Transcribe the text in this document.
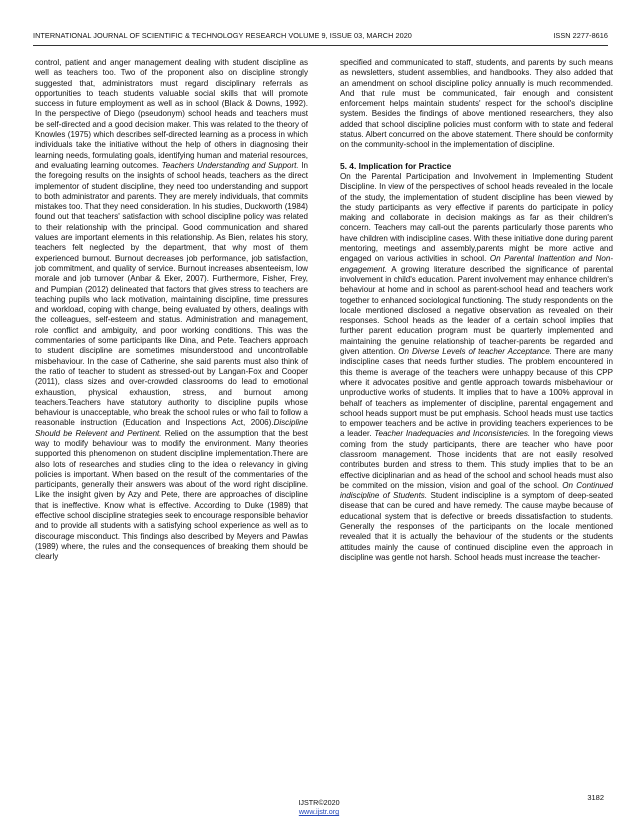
INTERNATIONAL JOURNAL OF SCIENTIFIC & TECHNOLOGY RESEARCH VOLUME 9, ISSUE 03, MARCH 2020	ISSN 2277-8616

control, patient and anger management dealing with student discipline as well as teachers too. Two of the proponent also on discipline strongly suggested that, administrators must regard disciplinary referrals as opportunities to teach students valuable social skills that will promote success in future employment as well as in school (Black & Downs, 1992). In the perspective of Diego (pseudonym) school heads and teachers must be self-directed and a good decision maker. This was related to the theory of Knowles (1975) which describes self-directed learning as a process in which individuals take the initiative without the help of others in diagnosing their learning needs, formulating goals, identifying human and material resources, and evaluating learning outcomes. Teachers Understanding and Support. In the foregoing results on the insights of school heads, teachers as the direct implementor of student discipline, they need too understanding and support to both administrator and parents. They are merely individuals, that commits mistakes too. That they need consideration. In his studies, Duckworth (1984) found out that teachers' satisfaction with school discipline policy was related to their relationship with the principal. Good communication and shared values are important elements in this relationship. As Bien, relates his story, teachers felt neglected by the department, that why most of them experienced burnout. Burnout decreases job performance, job satisfaction, job commitment, and quality of service. Burnout increases absenteeism, low morale and job turnover (Anbar & Eker, 2007). Furthermore, Fisher, Frey, and Pumpian (2012) delineated that factors that gives stress to teachers are teaching pupils who lack motivation, maintaining discipline, time pressures and workload, coping with change, being evaluated by others, dealings with the colleagues, self-esteem and status. Administration and management, role conflict and ambiguity, and poor working conditions. This was the commentaries of some participants like Dina, and Pete. Teachers approach to student discipline are sometimes misunderstood and uncontrollable misbehaviour. In the case of Catherine, she said parents must also think of the ratio of teacher to student as stressed-out by Langan-Fox and Cooper (2011), class sizes and over-crowded classrooms do lead to emotional exhaustion, physical exhaustion, stress, and burnout among teachers.Teachers have statutory authority to discipline pupils whose behaviour is unacceptable, who break the school rules or who fail to follow a reasonable instruction (Education and Inspections Act, 2006).Discipline Should be Relevent and Pertinent. Relied on the assumption that the best way to modify behaviour was to modify the environment. Many theories supported this phenomenon on student discipline implementation.There are also lots of researches and studies cling to the idea o relevancy in giving policies is important. When based on the result of the commentaries of the participants, generally their answers was about of the word right discipline. Like the insight given by Azy and Pete, there are approaches of discipline that is ineffective. Know what is effective. According to Duke (1989) that effective school discipline strategies seek to encourage responsible behavior and to provide all students with a satisfying school experience as well as to discourage misconduct. This findings also described by Meyers and Pawlas (1989) where, the rules and the consequences of breaking them should be clearly

specified and communicated to staff, students, and parents by such means as newsletters, student assemblies, and handbooks. They also added that an amendment on school discipline policy annually is much recommended. And that rule must be communicated, fair enough and consistent enforcement helps maintain students' respect for the school's discipline system. Besides the findings of above mentioned researchers, they also added that school discipline policies must conform with to state and federal status. Albert concurred on the above statement. There should be conformity on the community-school in the implementation of discipline.

5. 4. Implication for Practice

On the Parental Participation and Involvement in Implementing Student Discipline. In view of the perspectives of school heads revealed in the locale of the study, the implementation of student discipline has been viewed by the study participants as very effective if parents do participate in policy making and collaborate in decision makings as far as their children's concern. Teachers may call-out the parents particularly those parents who have children with indiscipline cases. With these initiative done during parent mentoring, meetings and assembly,parents might be more active and engaged on various activities in school. On Parental Inattention and Non-engagement. A growing literature described the significance of parental involvement in child's education. Parent involvement may enhance children's behaviour at home and in school as parent-school head and teachers work together to enhanced sociological functioning. The study respondents on the locale mentioned disclosed a negative observation as revealed on their responses. School heads as the leader of a certain school implies that further parent education program must be quarterly implemented and maintaining the genuine relationship of teacher-parents be regarded and given attention. On Diverse Levels of teacher Acceptance. There are many indiscipline cases that needs further studies. The problem encountered in this theme is average of the teachers were unhappy because of this CPP where it advocates positive and gentle approach towards misbehaviour or unproductive works of students. It implies that to have a 100% approval in behalf of teachers as implementer of discipline, parental engagement and school heads support must be put emphasis. School heads must use tactics to empower teachers and be active in providing teachers experiences to be a leader. Teacher Inadequacies and Inconsistencies. In the foregoing views coming from the study participants, there are teacher who have poor classroom management. Those incidents that are not easily resolved contributes burden and stress to them. This study implies that to be an effective diciplinarian and as head of the school and school heads must also be commited on the mission, vision and goal of the school. On Continued indiscipline of Students. Student indiscipline is a symptom of deep-seated disease that can be cured and have remedy. The cause maybe because of educational system that is defective or breeds dissatisfaction to students. Generally the responses of the participants on the locale mentioned revealed that it is actually the behaviour of the students or the students attitudes mainly the cause of continued discipline even the approach in discipline was gentle not harsh. School heads must increase the teacher-

3182
IJSTR©2020
www.ijstr.org
